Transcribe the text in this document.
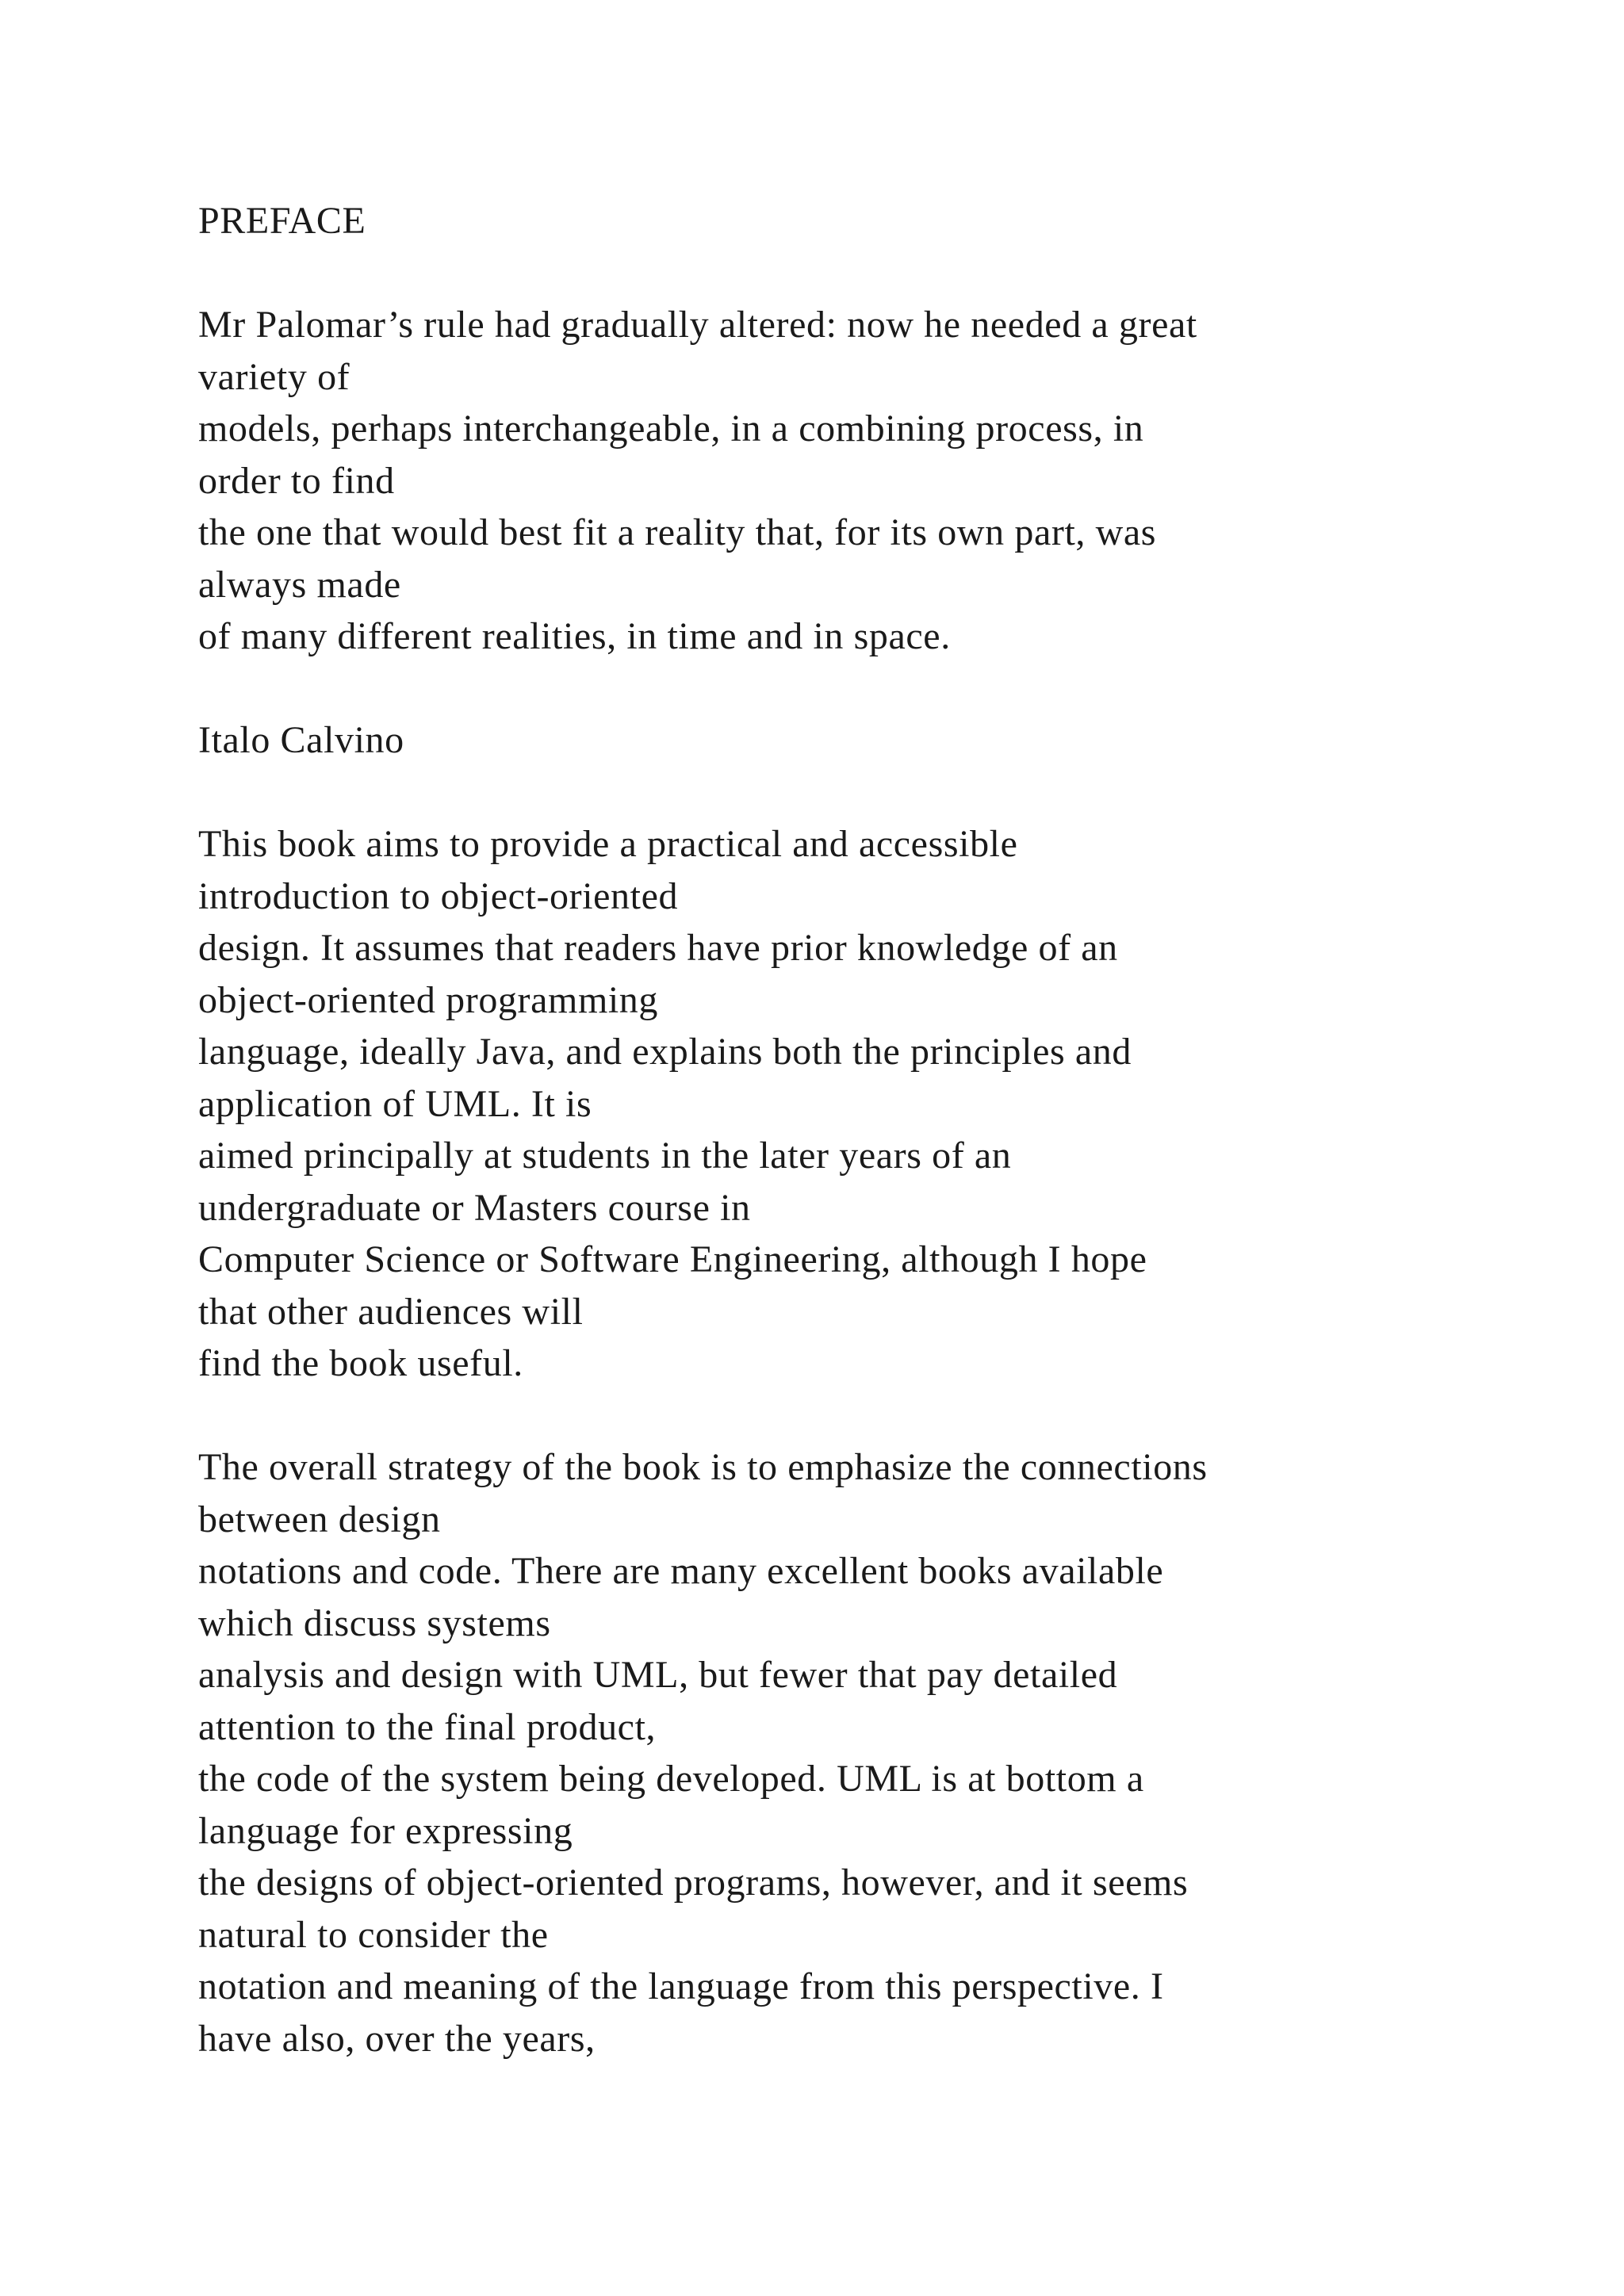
PREFACE
Mr Palomar’s rule had gradually altered: now he needed a great
variety of
models, perhaps interchangeable, in a combining process, in
order to find
the one that would best fit a reality that, for its own part, was
always made
of many different realities, in time and in space.
Italo Calvino
This book aims to provide a practical and accessible
introduction to object-oriented
design. It assumes that readers have prior knowledge of an
object-oriented programming
language, ideally Java, and explains both the principles and
application of UML. It is
aimed principally at students in the later years of an
undergraduate or Masters course in
Computer Science or Software Engineering, although I hope
that other audiences will
find the book useful.
The overall strategy of the book is to emphasize the connections
between design
notations and code. There are many excellent books available
which discuss systems
analysis and design with UML, but fewer that pay detailed
attention to the final product,
the code of the system being developed. UML is at bottom a
language for expressing
the designs of object-oriented programs, however, and it seems
natural to consider the
notation and meaning of the language from this perspective. I
have also, over the years,
